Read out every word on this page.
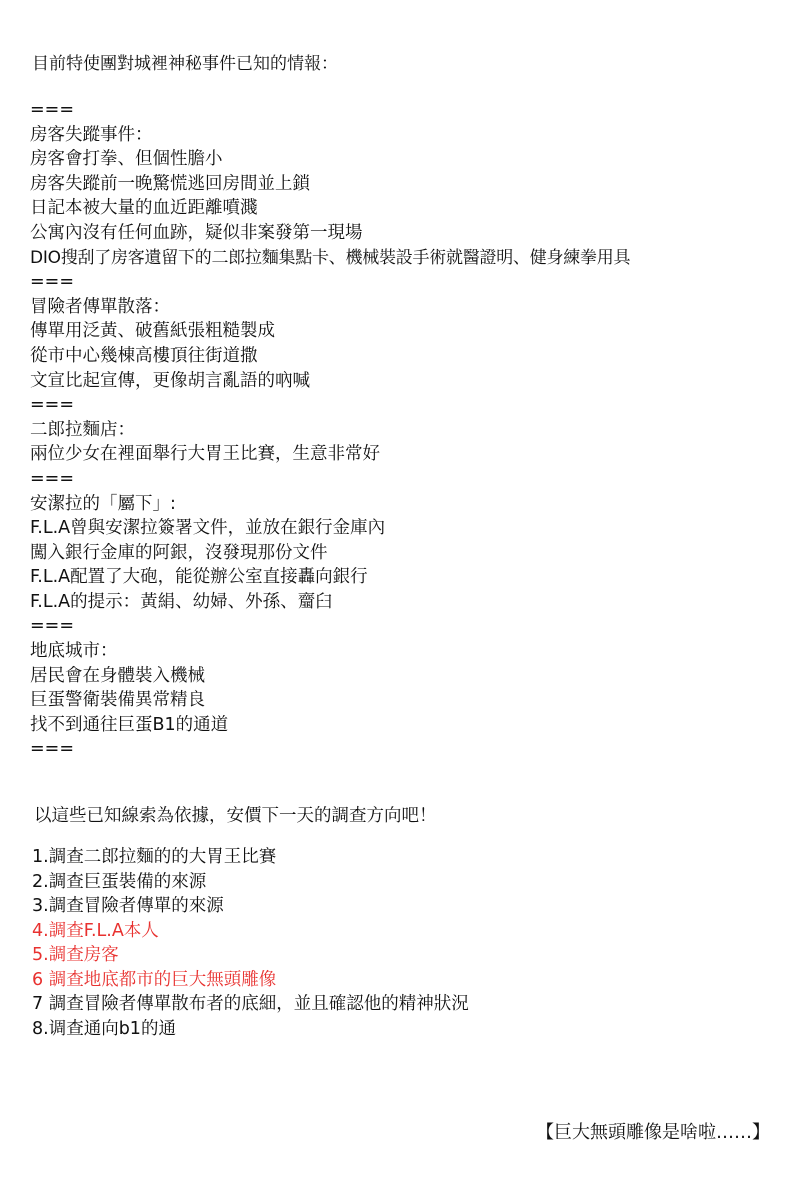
目前特使團對城裡神秘事件已知的情報：
===
房客失蹤事件：
房客會打拳、但個性膽小
房客失蹤前一晚驚慌逃回房間並上鎖
日記本被大量的血近距離噴濺
公寓內沒有任何血跡，疑似非案發第一現場
DIO搜刮了房客遺留下的二郎拉麵集點卡、機械裝設手術就醫證明、健身練拳用具
===
冒險者傳單散落：
傳單用泛黃、破舊紙張粗糙製成
從市中心幾棟高樓頂往街道撒
文宣比起宣傳，更像胡言亂語的吶喊
===
二郎拉麵店：
兩位少女在裡面舉行大胃王比賽，生意非常好
===
安潔拉的「屬下」:
F.L.A曾與安潔拉簽署文件，並放在銀行金庫內
闖入銀行金庫的阿銀，沒發現那份文件
F.L.A配置了大砲，能從辦公室直接轟向銀行
F.L.A的提示：黃絹、幼婦、外孫、齏臼
===
地底城市：
居民會在身體裝入機械
巨蛋警衛裝備異常精良
找不到通往巨蛋B1的通道
===
以這些已知線索為依據，安價下一天的調查方向吧！
1.調查二郎拉麵的的大胃王比賽
2.調查巨蛋裝備的來源
3.調查冒險者傳單的來源
4.調查F.L.A本人
5.調查房客
6 調查地底都市的巨大無頭雕像
7 調查冒險者傳單散布者的底細，並且確認他的精神狀況
8.调查通向b1的通
【巨大無頭雕像是啥啦……】
